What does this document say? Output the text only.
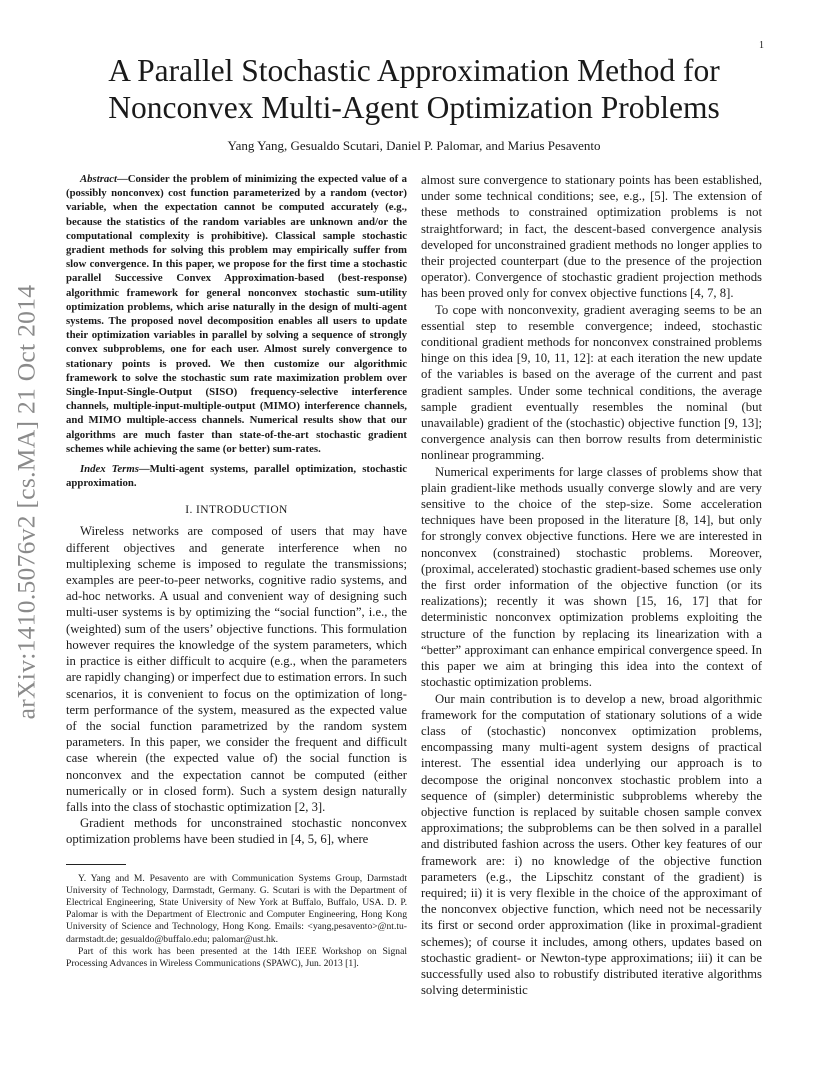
1
arXiv:1410.5076v2 [cs.MA] 21 Oct 2014
A Parallel Stochastic Approximation Method for Nonconvex Multi-Agent Optimization Problems

Yang Yang, Gesualdo Scutari, Daniel P. Palomar, and Marius Pesavento

Abstract—Consider the problem of minimizing the expected value of a (possibly nonconvex) cost function parameterized by a random (vector) variable, when the expectation cannot be computed accurately (e.g., because the statistics of the random variables are unknown and/or the computational complexity is prohibitive). Classical sample stochastic gradient methods for solving this problem may empirically suffer from slow convergence. In this paper, we propose for the first time a stochastic parallel Successive Convex Approximation-based (best-response) algorithmic framework for general nonconvex stochastic sum-utility optimization problems, which arise naturally in the design of multi-agent systems. The proposed novel decomposition enables all users to update their optimization variables in parallel by solving a sequence of strongly convex subproblems, one for each user. Almost surely convergence to stationary points is proved. We then customize our algorithmic framework to solve the stochastic sum rate maximization problem over Single-Input-Single-Output (SISO) frequency-selective interference channels, multiple-input-multiple-output (MIMO) interference channels, and MIMO multiple-access channels. Numerical results show that our algorithms are much faster than state-of-the-art stochastic gradient schemes while achieving the same (or better) sum-rates.

Index Terms—Multi-agent systems, parallel optimization, stochastic approximation.

I. INTRODUCTION

Wireless networks are composed of users that may have different objectives and generate interference when no multiplexing scheme is imposed to regulate the transmissions; examples are peer-to-peer networks, cognitive radio systems, and ad-hoc networks. A usual and convenient way of designing such multi-user systems is by optimizing the “social function”, i.e., the (weighted) sum of the users’ objective functions. This formulation however requires the knowledge of the system parameters, which in practice is either difficult to acquire (e.g., when the parameters are rapidly changing) or imperfect due to estimation errors. In such scenarios, it is convenient to focus on the optimization of long-term performance of the system, measured as the expected value of the social function parametrized by the random system parameters. In this paper, we consider the frequent and difficult case wherein (the expected value of) the social function is nonconvex and the expectation cannot be computed (either numerically or in closed form). Such a system design naturally falls into the class of stochastic optimization [2, 3].

Gradient methods for unconstrained stochastic nonconvex optimization problems have been studied in [4, 5, 6], where

Y. Yang and M. Pesavento are with Communication Systems Group, Darmstadt University of Technology, Darmstadt, Germany. G. Scutari is with the Department of Electrical Engineering, State University of New York at Buffalo, Buffalo, USA. D. P. Palomar is with the Department of Electronic and Computer Engineering, Hong Kong University of Science and Technology, Hong Kong. Emails: <yang,pesavento>@nt.tu-darmstadt.de; gesualdo@buffalo.edu; palomar@ust.hk.

Part of this work has been presented at the 14th IEEE Workshop on Signal Processing Advances in Wireless Communications (SPAWC), Jun. 2013 [1].

almost sure convergence to stationary points has been established, under some technical conditions; see, e.g., [5]. The extension of these methods to constrained optimization problems is not straightforward; in fact, the descent-based convergence analysis developed for unconstrained gradient methods no longer applies to their projected counterpart (due to the presence of the projection operator). Convergence of stochastic gradient projection methods has been proved only for convex objective functions [4, 7, 8].

To cope with nonconvexity, gradient averaging seems to be an essential step to resemble convergence; indeed, stochastic conditional gradient methods for nonconvex constrained problems hinge on this idea [9, 10, 11, 12]: at each iteration the new update of the variables is based on the average of the current and past gradient samples. Under some technical conditions, the average sample gradient eventually resembles the nominal (but unavailable) gradient of the (stochastic) objective function [9, 13]; convergence analysis can then borrow results from deterministic nonlinear programming.

Numerical experiments for large classes of problems show that plain gradient-like methods usually converge slowly and are very sensitive to the choice of the step-size. Some acceleration techniques have been proposed in the literature [8, 14], but only for strongly convex objective functions. Here we are interested in nonconvex (constrained) stochastic problems. Moreover, (proximal, accelerated) stochastic gradient-based schemes use only the first order information of the objective function (or its realizations); recently it was shown [15, 16, 17] that for deterministic nonconvex optimization problems exploiting the structure of the function by replacing its linearization with a “better” approximant can enhance empirical convergence speed. In this paper we aim at bringing this idea into the context of stochastic optimization problems.

Our main contribution is to develop a new, broad algorithmic framework for the computation of stationary solutions of a wide class of (stochastic) nonconvex optimization problems, encompassing many multi-agent system designs of practical interest. The essential idea underlying our approach is to decompose the original nonconvex stochastic problem into a sequence of (simpler) deterministic subproblems whereby the objective function is replaced by suitable chosen sample convex approximations; the subproblems can be then solved in a parallel and distributed fashion across the users. Other key features of our framework are: i) no knowledge of the objective function parameters (e.g., the Lipschitz constant of the gradient) is required; ii) it is very flexible in the choice of the approximant of the nonconvex objective function, which need not be necessarily its first or second order approximation (like in proximal-gradient schemes); of course it includes, among others, updates based on stochastic gradient- or Newton-type approximations; iii) it can be successfully used also to robustify distributed iterative algorithms solving deterministic
